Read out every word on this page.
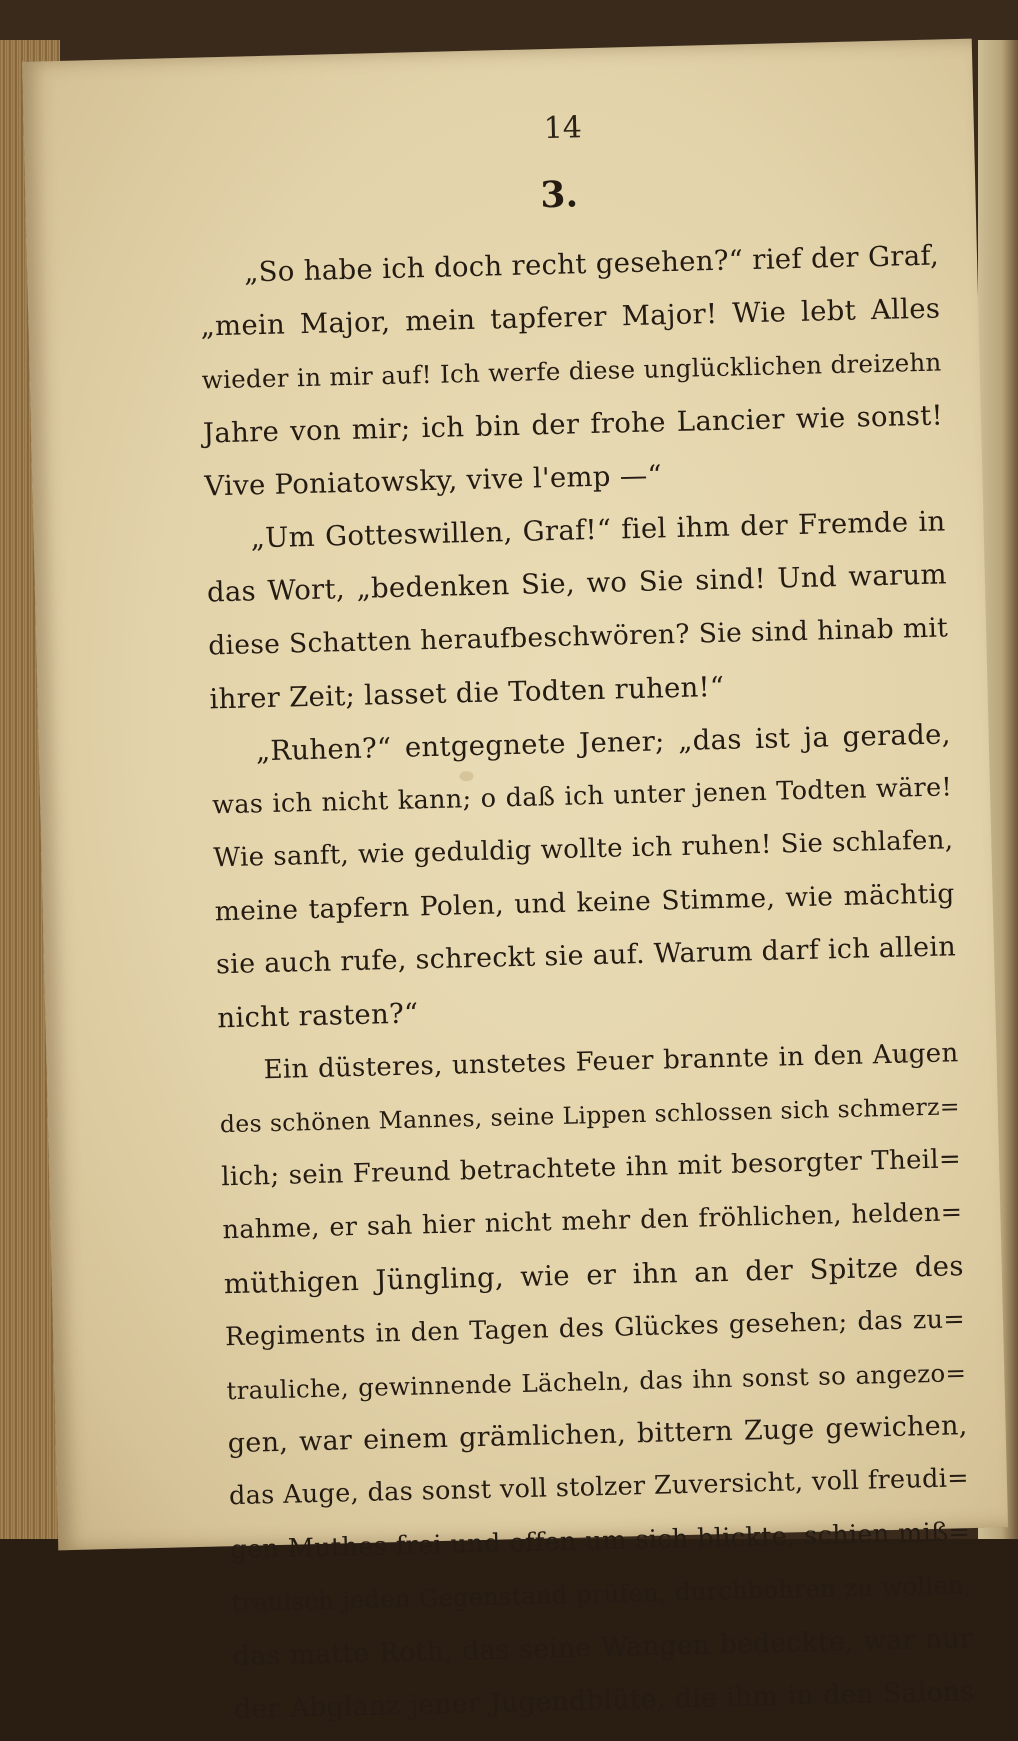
14
3.
„So habe ich doch recht gesehen?“ rief der Graf,
„mein Major, mein tapferer Major! Wie lebt Alles
wieder in mir auf! Ich werfe diese unglücklichen dreizehn
Jahre von mir; ich bin der frohe Lancier wie sonst!
Vive Poniatowsky, vive l'emp —“
„Um Gotteswillen, Graf!“ fiel ihm der Fremde in
das Wort, „bedenken Sie, wo Sie sind! Und warum
diese Schatten heraufbeschwören? Sie sind hinab mit
ihrer Zeit; lasset die Todten ruhen!“
„Ruhen?“ entgegnete Jener; „das ist ja gerade,
was ich nicht kann; o daß ich unter jenen Todten wäre!
Wie sanft, wie geduldig wollte ich ruhen! Sie schlafen,
meine tapfern Polen, und keine Stimme, wie mächtig
sie auch rufe, schreckt sie auf. Warum darf ich allein
nicht rasten?“
Ein düsteres, unstetes Feuer brannte in den Augen
des schönen Mannes, seine Lippen schlossen sich schmerz=
lich; sein Freund betrachtete ihn mit besorgter Theil=
nahme, er sah hier nicht mehr den fröhlichen, helden=
müthigen Jüngling, wie er ihn an der Spitze des
Regiments in den Tagen des Glückes gesehen; das zu=
trauliche, gewinnende Lächeln, das ihn sonst so angezo=
gen, war einem grämlichen, bittern Zuge gewichen,
das Auge, das sonst voll stolzer Zuversicht, voll freudi=
gen Muthes frei und offen um sich blickte, schien miß=
trauisch jeden Gegenstand prüfen, durchbohren zu wollen,
das matte Roth, das seine Wangen bedeckte, war nur
der Abglanz jener Jugendblüte, die ihm in den Salons
